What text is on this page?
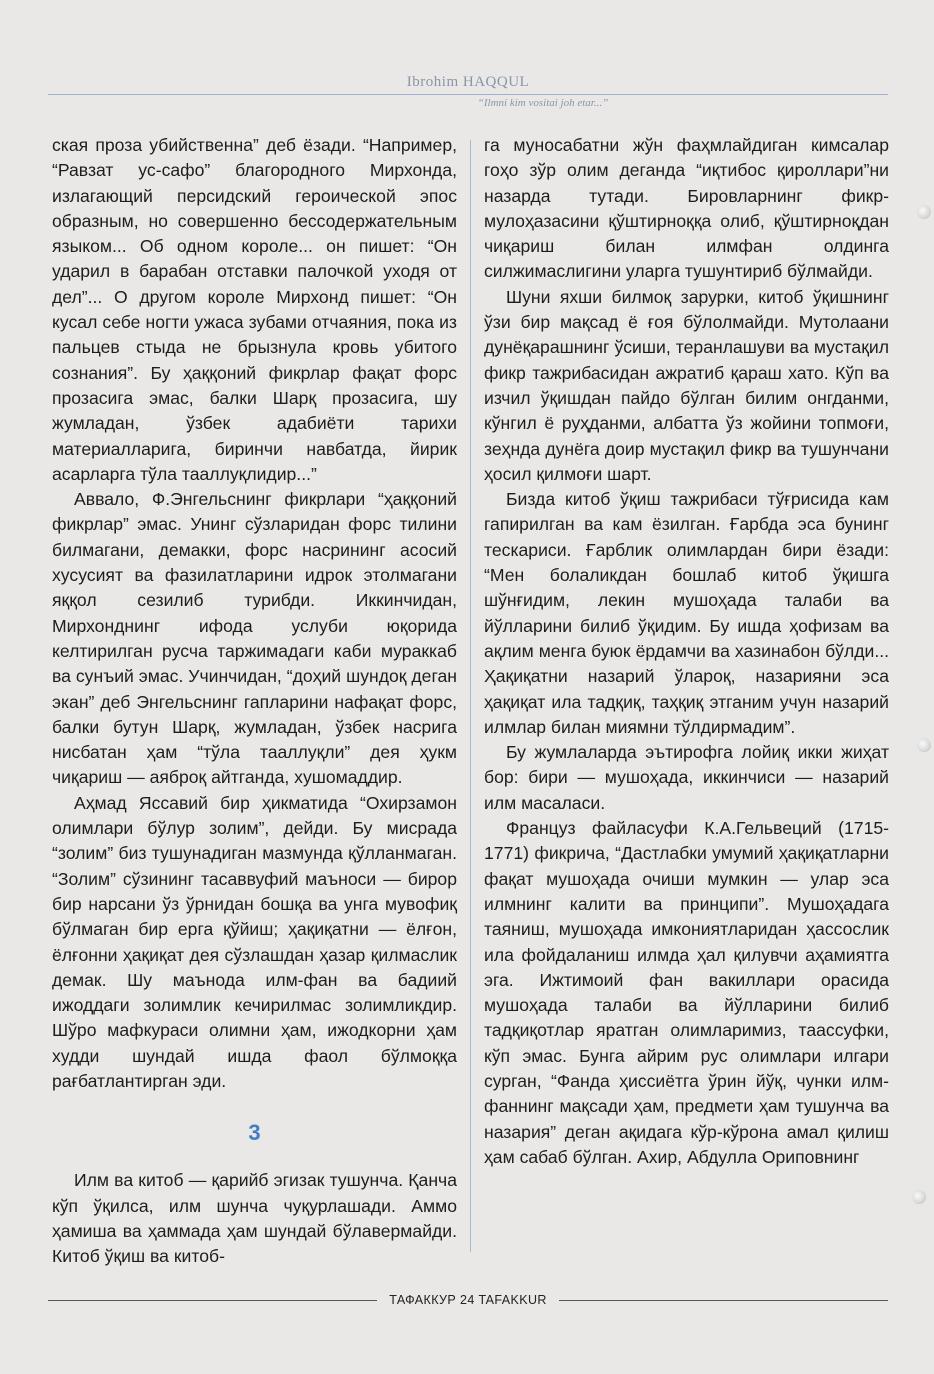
Ibrohim HAQQUL
“Ilmni kim vositai joh etar...”

ская проза убийственна” деб ёзади. “Например, “Равзат ус-сафо” благородного Мирхонда, излагающий персидский героической эпос образным, но совершенно бессодержательным языком... Об одном короле... он пишет: “Он ударил в барабан отставки палочкой уходя от дел”... О другом короле Мирхонд пишет: “Он кусал себе ногти ужаса зубами отчаяния, пока из пальцев стыда не брызнула кровь убитого сознания”. Бу ҳаққоний фикрлар фақат форс прозасига эмас, балки Шарқ прозасига, шу жумладан, ўзбек адабиёти тарихи материалларига, биринчи навбатда, йирик асарларга тўла тааллуқлидир...”

Аввало, Ф.Энгельснинг фикрлари “ҳаққоний фикрлар” эмас. Унинг сўзларидан форс тилини билмагани, демакки, форс насрининг асосий хусусият ва фазилатларини идрок этолмагани яққол сезилиб турибди. Иккинчидан, Мирхонднинг ифода услуби юқорида келтирилган русча таржимадаги каби мураккаб ва сунъий эмас. Учинчидан, “доҳий шундоқ деган экан” деб Энгельснинг гапларини нафақат форс, балки бутун Шарқ, жумладан, ўзбек насрига нисбатан ҳам “тўла тааллуқли” дея ҳукм чиқариш — аяброқ айтганда, хушомаддир.

Аҳмад Яссавий бир ҳикматида “Охирзамон олимлари бўлур золим”, дейди. Бу мисрада “золим” биз тушунадиган мазмунда қўлланмаган. “Золим” сўзининг тасаввуфий маъноси — бирор бир нарсани ўз ўрнидан бошқа ва унга мувофиқ бўлмаган бир ерга қўйиш; ҳақиқатни — ёлғон, ёлғонни ҳақиқат дея сўзлашдан ҳазар қилмаслик демак. Шу маънода илм-фан ва бадиий ижоддаги золимлик кечирилмас золимликдир. Шўро мафкураси олимни ҳам, ижодкорни ҳам худди шундай ишда фаол бўлмоққа рағбатлантирган эди.

3

Илм ва китоб — қарийб эгизак тушунча. Қанча кўп ўқилса, илм шунча чуқурлашади. Аммо ҳамиша ва ҳаммада ҳам шундай бўлавермайди. Китоб ўқиш ва китоб-

га муносабатни жўн фаҳмлайдиган кимсалар гоҳо зўр олим деганда “иқтибос қироллари”ни назарда тутади. Бировларнинг фикр-мулоҳазасини қўштирноққа олиб, қўштирноқдан чиқариш билан илмфан олдинга силжимаслигини уларга тушунтириб бўлмайди.

Шуни яхши билмоқ зарурки, китоб ўқишнинг ўзи бир мақсад ё ғоя бўлолмайди. Мутолаани дунёқарашнинг ўсиши, теранлашуви ва мустақил фикр тажрибасидан ажратиб қараш хато. Кўп ва изчил ўқишдан пайдо бўлган билим онгданми, кўнгил ё руҳданми, албатта ўз жойини топмоғи, зеҳнда дунёга доир мустақил фикр ва тушунчани ҳосил қилмоғи шарт.

Бизда китоб ўқиш тажрибаси тўғрисида кам гапирилган ва кам ёзилган. Ғарбда эса бунинг тескариси. Ғарблик олимлардан бири ёзади: “Мен болаликдан бошлаб китоб ўқишга шўнғидим, лекин мушоҳада талаби ва йўлларини билиб ўқидим. Бу ишда ҳофизам ва ақлим менга буюк ёрдамчи ва хазинабон бўлди... Ҳақиқатни назарий ўлароқ, назарияни эса ҳақиқат ила тадқиқ, таҳқиқ этганим учун назарий илмлар билан миямни тўлдирмадим”.

Бу жумлаларда эътирофга лойиқ икки жиҳат бор: бири — мушоҳада, иккинчиси — назарий илм масаласи.

Француз файласуфи К.А.Гельвеций (1715-1771) фикрича, “Дастлабки умумий ҳақиқатларни фақат мушоҳада очиши мумкин — улар эса илмнинг калити ва принципи”. Мушоҳадага таяниш, мушоҳада имкониятларидан ҳассослик ила фойдаланиш илмда ҳал қилувчи аҳамиятга эга. Ижтимоий фан вакиллари орасида мушоҳада талаби ва йўлларини билиб тадқиқотлар яратган олимларимиз, таассуфки, кўп эмас. Бунга айрим рус олимлари илгари сурган, “Фанда ҳиссиётга ўрин йўқ, чунки илм-фаннинг мақсади ҳам, предмети ҳам тушунча ва назария” деган ақидага кўр-кўрона амал қилиш ҳам сабаб бўлган. Ахир, Абдулла Ориповнинг

ТАФАККУР 24 TAFAKKUR
